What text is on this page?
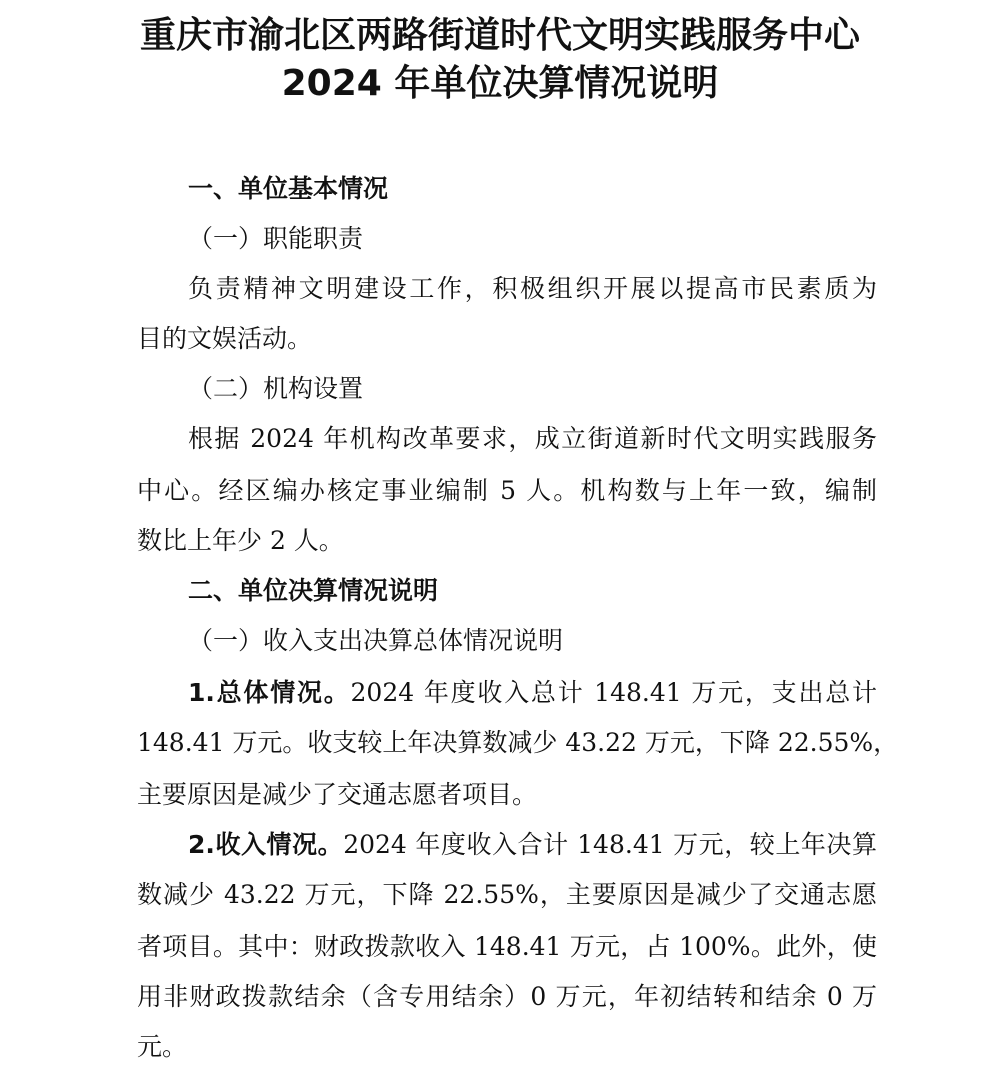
重庆市渝北区两路街道时代文明实践服务中心
2024 年单位决算情况说明
一、单位基本情况
（一）职能职责
负责精神文明建设工作，积极组织开展以提高市民素质为
目的文娱活动。
（二）机构设置
根据 2024 年机构改革要求，成立街道新时代文明实践服务
中心。经区编办核定事业编制 5 人。机构数与上年一致，编制
数比上年少 2 人。
二、单位决算情况说明
（一）收入支出决算总体情况说明
1.总体情况。2024 年度收入总计 148.41 万元，支出总计
148.41 万元。收支较上年决算数减少 43.22 万元，下降 22.55%，
主要原因是减少了交通志愿者项目。
2.收入情况。2024 年度收入合计 148.41 万元，较上年决算
数减少 43.22 万元，下降 22.55%，主要原因是减少了交通志愿
者项目。其中：财政拨款收入 148.41 万元，占 100%。此外，使
用非财政拨款结余（含专用结余）0 万元，年初结转和结余 0 万
元。
